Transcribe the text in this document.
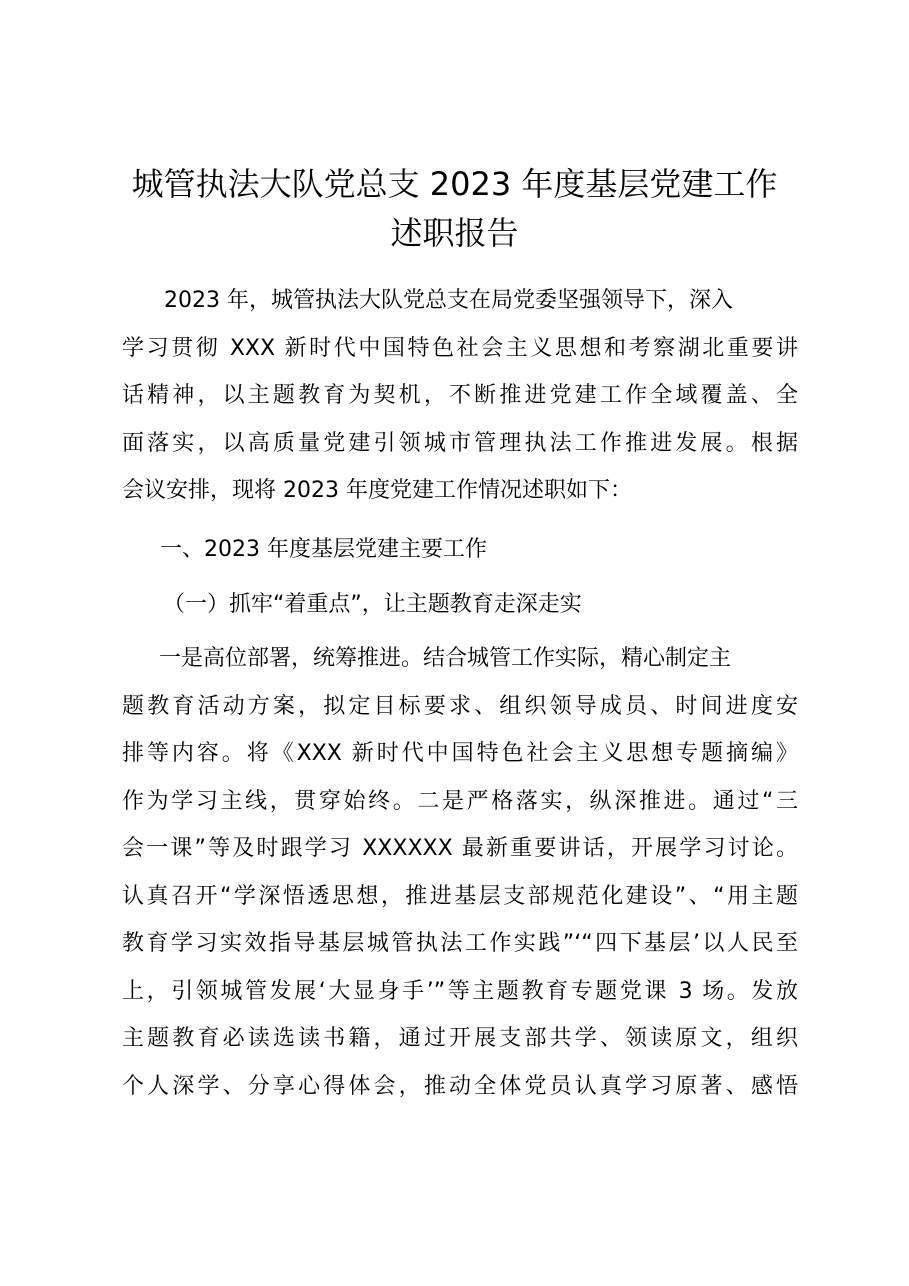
城管执法大队党总支 2023 年度基层党建工作
述职报告
2023 年，城管执法大队党总支在局党委坚强领导下，深入
学习贯彻 XXX 新时代中国特色社会主义思想和考察湖北重要讲
话精神，以主题教育为契机，不断推进党建工作全域覆盖、全
面落实，以高质量党建引领城市管理执法工作推进发展。根据
会议安排，现将 2023 年度党建工作情况述职如下：
一、2023 年度基层党建主要工作
（一）抓牢“着重点”，让主题教育走深走实
一是高位部署，统筹推进。结合城管工作实际，精心制定主
题教育活动方案，拟定目标要求、组织领导成员、时间进度安
排等内容。将《XXX 新时代中国特色社会主义思想专题摘编》
作为学习主线，贯穿始终。二是严格落实，纵深推进。通过“三
会一课”等及时跟学习 XXXXXX 最新重要讲话，开展学习讨论。
认真召开“学深悟透思想，推进基层支部规范化建设”、“用主题
教育学习实效指导基层城管执法工作实践”‘“四下基层’以人民至
上，引领城管发展‘大显身手’”等主题教育专题党课 3 场。发放
主题教育必读选读书籍，通过开展支部共学、领读原文，组织
个人深学、分享心得体会，推动全体党员认真学习原著、感悟
